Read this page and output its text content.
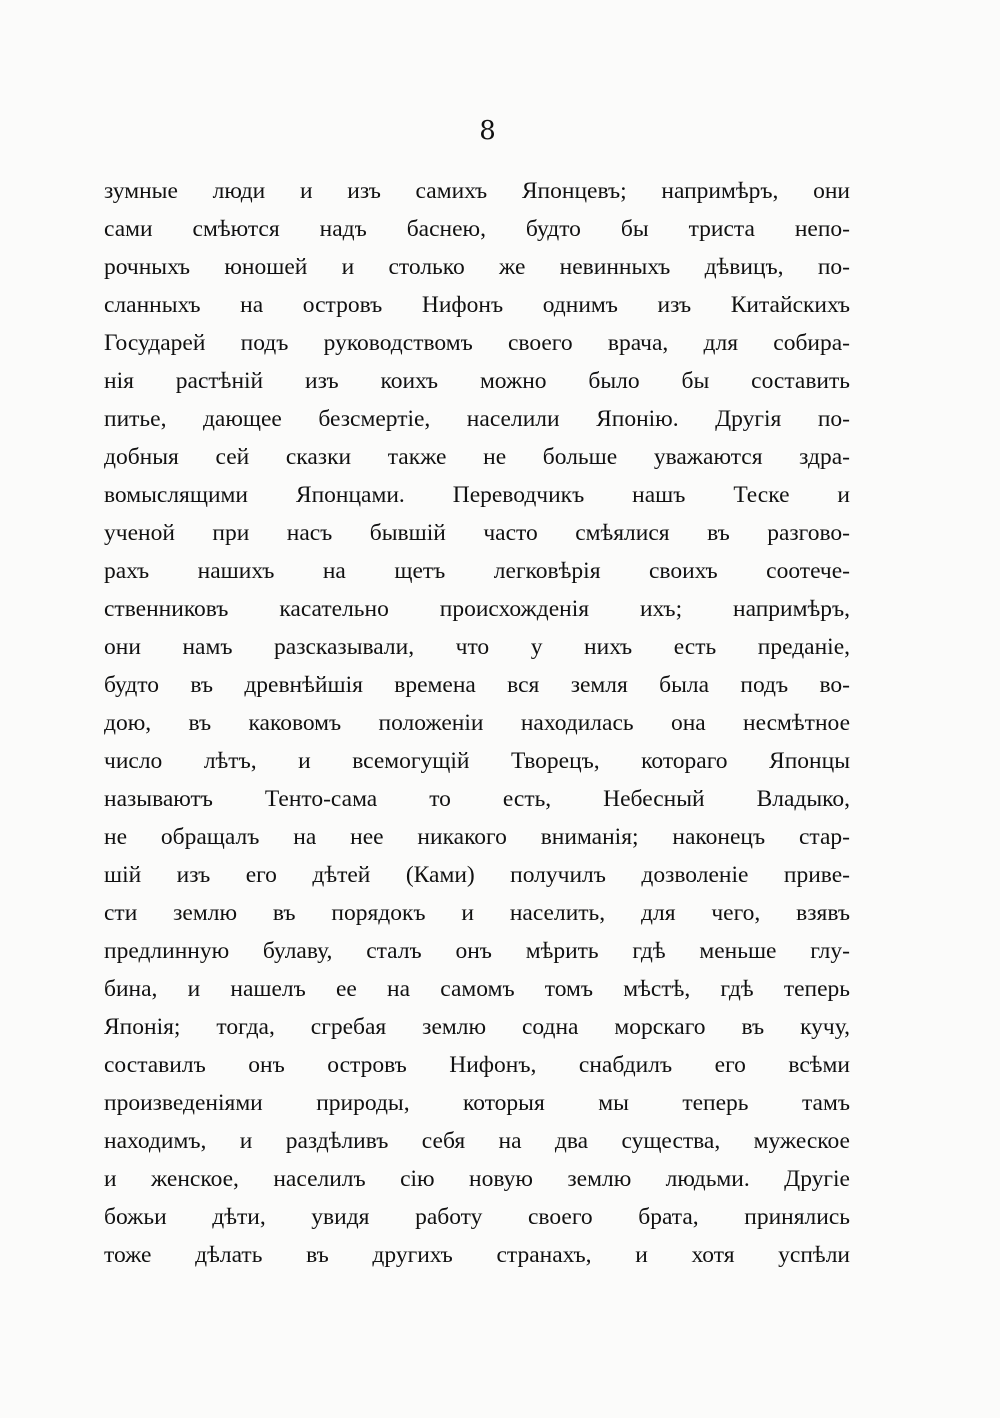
8
зумные люди и изъ самихъ Японцевъ; напримѣръ, они
сами смѣются надъ баснею, будто бы триста непо-
рочныхъ юношей и столько же невинныхъ дѣвицъ, по-
сланныхъ на островъ Нифонъ однимъ изъ Китайскихъ
Государей подъ руководствомъ своего врача, для собира-
нія растѣній изъ коихъ можно было бы составить
питье, дающее безсмертіе, населили Японію. Другія по-
добныя сей сказки также не больше уважаются здра-
вомыслящими Японцами. Переводчикъ нашъ Теске и
ученой при насъ бывшій часто смѣялися въ разгово-
рахъ нашихъ на щетъ легковѣрія своихъ соотече-
ственниковъ касательно происхожденія ихъ; напримѣръ,
они намъ разсказывали, что у нихъ есть преданіе,
будто въ древнѣйшія времена вся земля была подъ во-
дою, въ каковомъ положеніи находилась она несмѣтное
число лѣтъ, и всемогущій Творецъ, котораго Японцы
называютъ Тенто-сама то есть, Небесный Владыко,
не обращалъ на нее никакого вниманія; наконецъ стар-
шій изъ его дѣтей (Ками) получилъ дозволеніе приве-
сти землю въ порядокъ и населить, для чего, взявъ
предлинную булаву, сталъ онъ мѣрить гдѣ меньше глу-
бина, и нашелъ ее на самомъ томъ мѣстѣ, гдѣ теперь
Японія; тогда, сгребая землю содна морскаго въ кучу,
составилъ онъ островъ Нифонъ, снабдилъ его всѣми
произведеніями природы, которыя мы теперь тамъ
находимъ, и раздѣливъ себя на два существа, мужеское
и женское, населилъ сію новую землю людьми. Другіе
божьи дѣти, увидя работу своего брата, принялись
тоже дѣлать въ другихъ странахъ, и хотя успѣли
